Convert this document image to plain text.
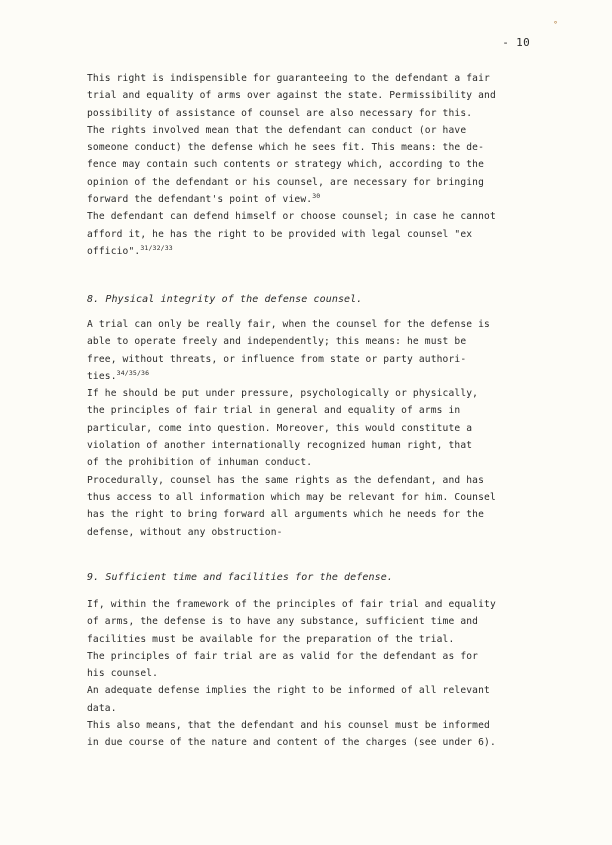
°
- 10
This right is indispensible for guaranteeing to the defendant a fair
trial and equality of arms over against the state. Permissibility and
possibility of assistance of counsel are also necessary for this.
The rights involved mean that the defendant can conduct (or have
someone conduct) the defense which he sees fit. This means: the de-
fence may contain such contents or strategy which, according to the
opinion of the defendant or his counsel, are necessary for bringing
forward the defendant's point of view.$^{30}$
The defendant can defend himself or choose counsel; in case he cannot
afford it, he has the right to be provided with legal counsel "ex
officio".$^{31/32/33}$
8. Physical integrity of the defense counsel.
A trial can only be really fair, when the counsel for the defense is
able to operate freely and independently; this means: he must be
free, without threats, or influence from state or party authori-
ties.$^{34/35/36}$
If he should be put under pressure, psychologically or physically,
the principles of fair trial in general and equality of arms in
particular, come into question. Moreover, this would constitute a
violation of another internationally recognized human right, that
of the prohibition of inhuman conduct.
Procedurally, counsel has the same rights as the defendant, and has
thus access to all information which may be relevant for him. Counsel
has the right to bring forward all arguments which he needs for the
defense, without any obstruction-
9. Sufficient time and facilities for the defense.
If, within the framework of the principles of fair trial and equality
of arms, the defense is to have any substance, sufficient time and
facilities must be available for the preparation of the trial.
The principles of fair trial are as valid for the defendant as for
his counsel.
An adequate defense implies the right to be informed of all relevant
data.
This also means, that the defendant and his counsel must be informed
in due course of the nature and content of the charges (see under 6).
